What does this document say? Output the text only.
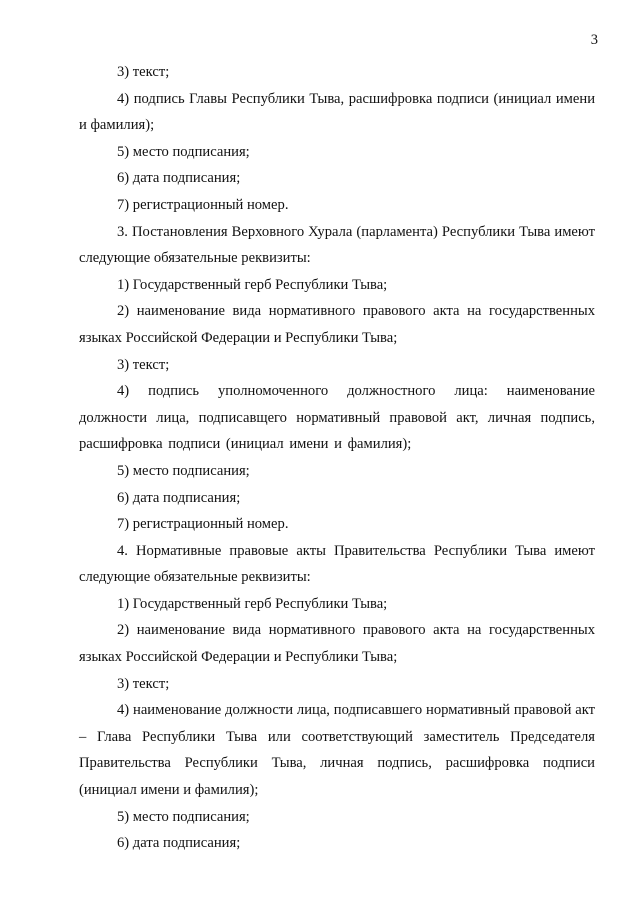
3

3) текст;

4) подпись Главы Республики Тыва, расшифровка подписи (инициал имени и фамилия);

5) место подписания;

6) дата подписания;

7) регистрационный номер.

3. Постановления Верховного Хурала (парламента) Республики Тыва имеют следующие обязательные реквизиты:

1) Государственный герб Республики Тыва;

2) наименование вида нормативного правового акта на государственных языках Российской Федерации и Республики Тыва;

3) текст;

4) подпись уполномоченного должностного лица: наименование должности лица, подписавщего нормативный правовой акт, личная подпись, расшифровка подписи (инициал имени и фамилия);

5) место подписания;

6) дата подписания;

7) регистрационный номер.

4. Нормативные правовые акты Правительства Республики Тыва имеют следующие обязательные реквизиты:

1) Государственный герб Республики Тыва;

2) наименование вида нормативного правового акта на государственных языках Российской Федерации и Республики Тыва;

3) текст;

4) наименование должности лица, подписавшего нормативный правовой акт – Глава Республики Тыва или соответствующий заместитель Председателя Правительства Республики Тыва, личная подпись, расшифровка подписи (инициал имени и фамилия);

5) место подписания;

6) дата подписания;
